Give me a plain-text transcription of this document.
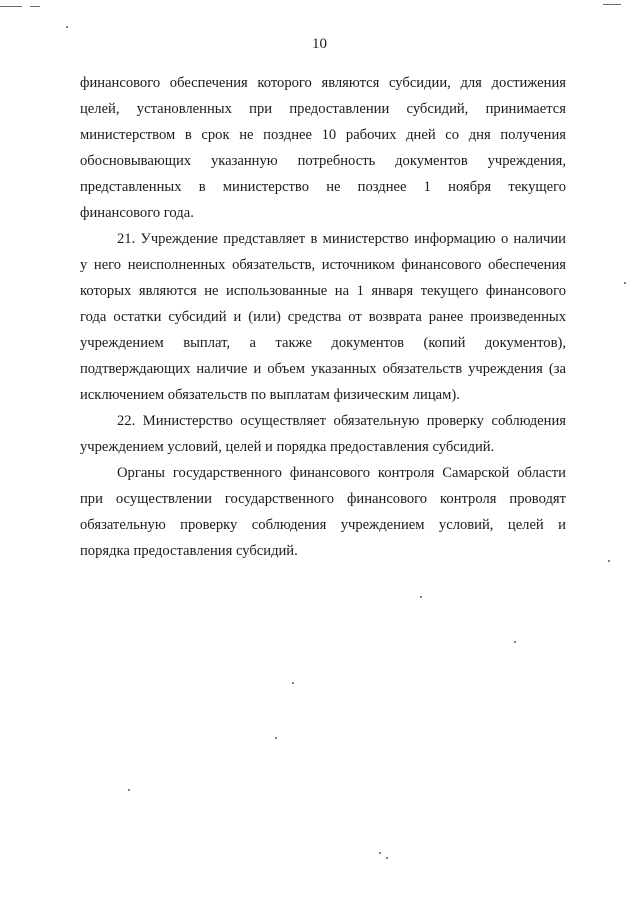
10
финансового обеспечения которого являются субсидии, для достижения
целей, установленных при предоставлении субсидий, принимается
министерством в срок не позднее 10 рабочих дней со дня получения
обосновывающих указанную потребность документов учреждения,
представленных в министерство не позднее 1 ноября текущего
финансового года.
21. Учреждение представляет в министерство информацию о наличии
у него неисполненных обязательств, источником финансового обеспечения
которых являются не использованные на 1 января текущего финансового
года остатки субсидий и (или) средства от возврата ранее произведенных
учреждением выплат, а также документов (копий документов),
подтверждающих наличие и объем указанных обязательств учреждения (за
исключением обязательств по выплатам физическим лицам).
22. Министерство осуществляет обязательную проверку соблюдения
учреждением условий, целей и порядка предоставления субсидий.
Органы государственного финансового контроля Самарской области
при осуществлении государственного финансового контроля проводят
обязательную проверку соблюдения учреждением условий, целей и
порядка предоставления субсидий.
